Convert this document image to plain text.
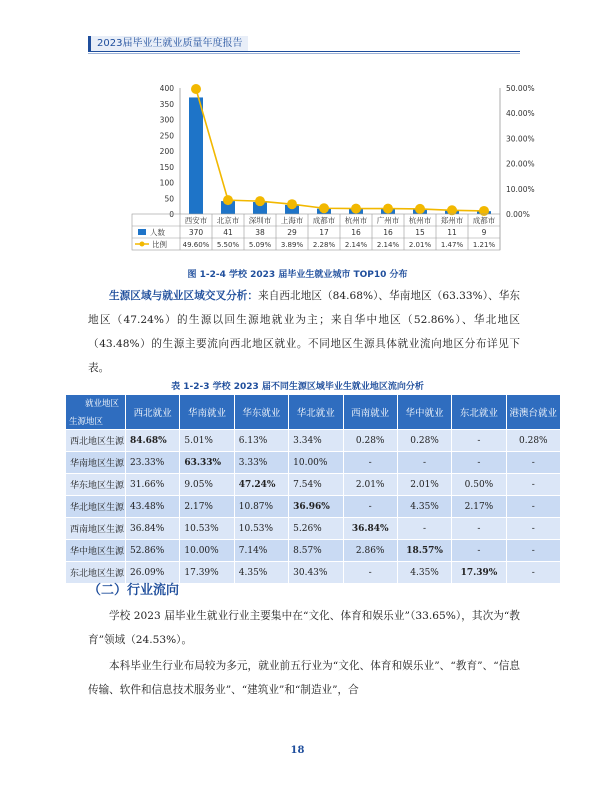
2023届毕业生就业质量年度报告
0
50
100
150
200
250
300
350
400
0.00%
10.00%
20.00%
30.00%
40.00%
50.00%
西安市 北京市 深圳市 上海市 成都市 杭州市 广州市 杭州市 郑州市 成都市
人数
比例
370	41	38	29	17	16	16	15	11	9
49.60% 5.50% 5.09% 3.89% 2.28% 2.14% 2.14% 2.01% 1.47% 1.21%
图 1-2-4 学校 2023 届毕业生就业城市 TOP10 分布

生源区域与就业区域交叉分析：来自西北地区（84.68%）、华南地区（63.33%）、华东地区（47.24%）的生源以回生源地就业为主；来自华中地区（52.86%）、华北地区（43.48%）的生源主要流向西北地区就业。不同地区生源具体就业流向地区分布详见下表。

表 1-2-3 学校 2023 届不同生源区域毕业生就业地区流向分析
就业地区
生源地区	西北就业	华南就业	华东就业	华北就业	西南就业	华中就业	东北就业	港澳台就业
西北地区生源	84.68%	5.01%	6.13%	3.34%	0.28%	0.28%	-	0.28%
华南地区生源	23.33%	63.33%	3.33%	10.00%	-	-	-	-
华东地区生源	31.66%	9.05%	47.24%	7.54%	2.01%	2.01%	0.50%	-
华北地区生源	43.48%	2.17%	10.87%	36.96%	-	4.35%	2.17%	-
西南地区生源	36.84%	10.53%	10.53%	5.26%	36.84%	-	-	-
华中地区生源	52.86%	10.00%	7.14%	8.57%	2.86%	18.57%	-	-
东北地区生源	26.09%	17.39%	4.35%	30.43%	-	4.35%	17.39%	-
（二）行业流向

学校 2023 届毕业生就业行业主要集中在“文化、体育和娱乐业”（33.65%），其次为“教育”领域（24.53%）。

本科毕业生行业布局较为多元，就业前五行业为“文化、体育和娱乐业”、“教育”、“信息传输、软件和信息技术服务业”、“建筑业”和“制造业”，合

18
